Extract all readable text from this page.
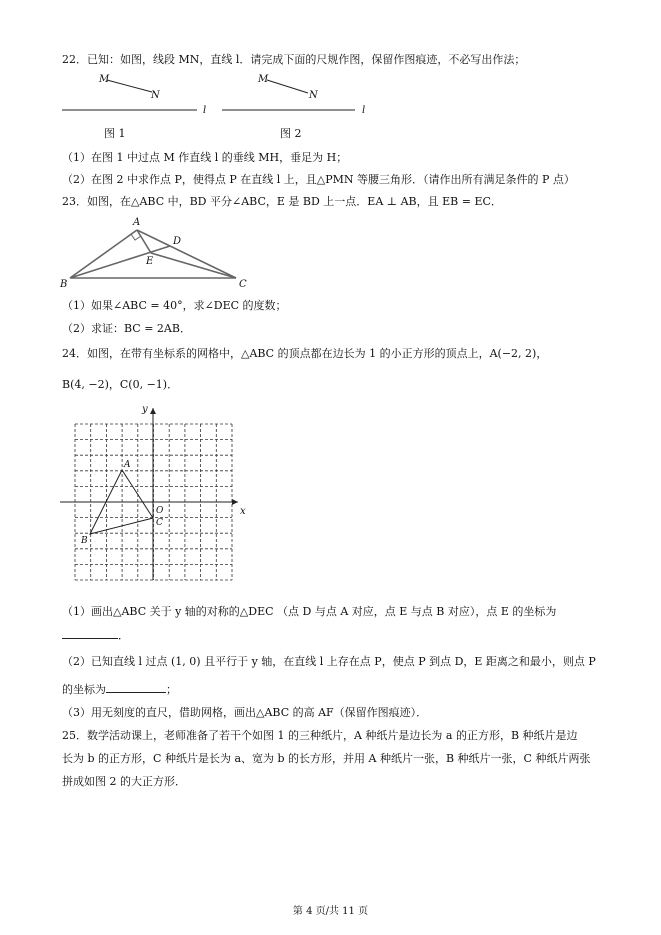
22．已知：如图，线段 MN，直线 l．请完成下面的尺规作图，保留作图痕迹，不必写出作法；
M
N
l
M
N
l
图 1	图 2
（1）在图 1 中过点 M 作直线 l 的垂线 MH，垂足为 H；
（2）在图 2 中求作点 P，使得点 P 在直线 l 上，且△PMN 等腰三角形．（请作出所有满足条件的 P 点）
23．如图，在△ABC 中，BD 平分∠ABC，E 是 BD 上一点．EA ⊥ AB，且 EB = EC．
A
B	C
D
E
（1）如果∠ABC = 40°，求∠DEC 的度数；
（2）求证：BC = 2AB．
24．如图，在带有坐标系的网格中，△ABC 的顶点都在边长为 1 的小正方形的顶点上，A(−2, 2)，
B(4, −2)，C(0, −1)．
x
y
A
B
C
O
（1）画出△ABC 关于 y 轴的对称的△DEC （点 D 与点 A 对应，点 E 与点 B 对应），点 E 的坐标为
．
（2）已知直线 l 过点 (1, 0) 且平行于 y 轴，在直线 l 上存在点 P，使点 P 到点 D，E 距离之和最小，则点 P
的坐标为	；
（3）用无刻度的直尺，借助网格，画出△ABC 的高 AF（保留作图痕迹）．
25．数学活动课上，老师准备了若干个如图 1 的三种纸片，A 种纸片是边长为 a 的正方形，B 种纸片是边
长为 b 的正方形，C 种纸片是长为 a、宽为 b 的长方形，并用 A 种纸片一张，B 种纸片一张，C 种纸片两张
拼成如图 2 的大正方形．
第 4 页/共 11 页
